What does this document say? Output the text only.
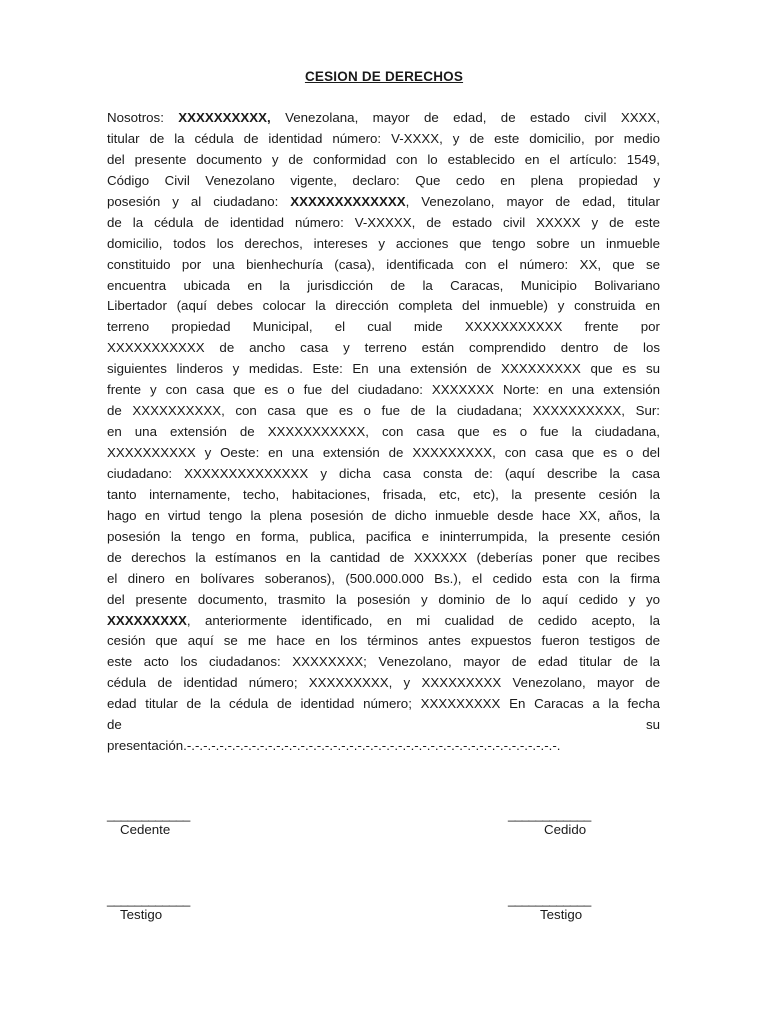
CESION DE DERECHOS
Nosotros: XXXXXXXXXX, Venezolana, mayor de edad, de estado civil XXXX,
titular de la cédula de identidad número: V-XXXX, y de este domicilio, por medio
del presente documento y de conformidad con lo establecido en el artículo: 1549,
Código Civil Venezolano vigente, declaro: Que cedo en plena propiedad y
posesión y al ciudadano: XXXXXXXXXXXXX, Venezolano, mayor de edad, titular
de la cédula de identidad número: V-XXXXX, de estado civil XXXXX y de este
domicilio, todos los derechos, intereses y acciones que tengo sobre un inmueble
constituido por una bienhechuría (casa), identificada con el número: XX, que se
encuentra ubicada en la jurisdicción de la Caracas, Municipio Bolivariano
Libertador (aquí debes colocar la dirección completa del inmueble) y construida en
terreno propiedad Municipal, el cual mide XXXXXXXXXXX frente por
XXXXXXXXXXX de ancho casa y terreno están comprendido dentro de los
siguientes linderos y medidas. Este: En una extensión de XXXXXXXXX que es su
frente y con casa que es o fue del ciudadano: XXXXXXX Norte: en una extensión
de XXXXXXXXXX, con casa que es o fue de la ciudadana; XXXXXXXXXX, Sur:
en una extensión de XXXXXXXXXXX, con casa que es o fue la ciudadana,
XXXXXXXXXX y Oeste: en una extensión de XXXXXXXXX, con casa que es o del
ciudadano: XXXXXXXXXXXXXX y dicha casa consta de: (aquí describe la casa
tanto internamente, techo, habitaciones, frisada, etc, etc), la presente cesión la
hago en virtud tengo la plena posesión de dicho inmueble desde hace XX, años, la
posesión la tengo en forma, publica, pacifica e ininterrumpida, la presente cesión
de derechos la estímanos en la cantidad de XXXXXX (deberías poner que recibes
el dinero en bolívares soberanos), (500.000.000 Bs.), el cedido esta con la firma
del presente documento, trasmito la posesión y dominio de lo aquí cedido y yo
XXXXXXXXX, anteriormente identificado, en mi cualidad de cedido acepto, la
cesión que aquí se me hace en los términos antes expuestos fueron testigos de
este acto los ciudadanos: XXXXXXXX; Venezolano, mayor de edad titular de la
cédula de identidad número; XXXXXXXXX, y XXXXXXXXX Venezolano, mayor de
edad titular de la cédula de identidad número; XXXXXXXXX En Caracas a la fecha
de	su
presentación.-.-.-.-.-.-.-.-.-.-.-.-.-.-.-.-.-.-.-.-.-.-.-.-.-.-.-.-.-.-.-.-.-.-.-.-.-.-.-.-.-.-.-.-.-.-.
____________
Cedente
____________
Cedido
____________
Testigo
____________
Testigo
